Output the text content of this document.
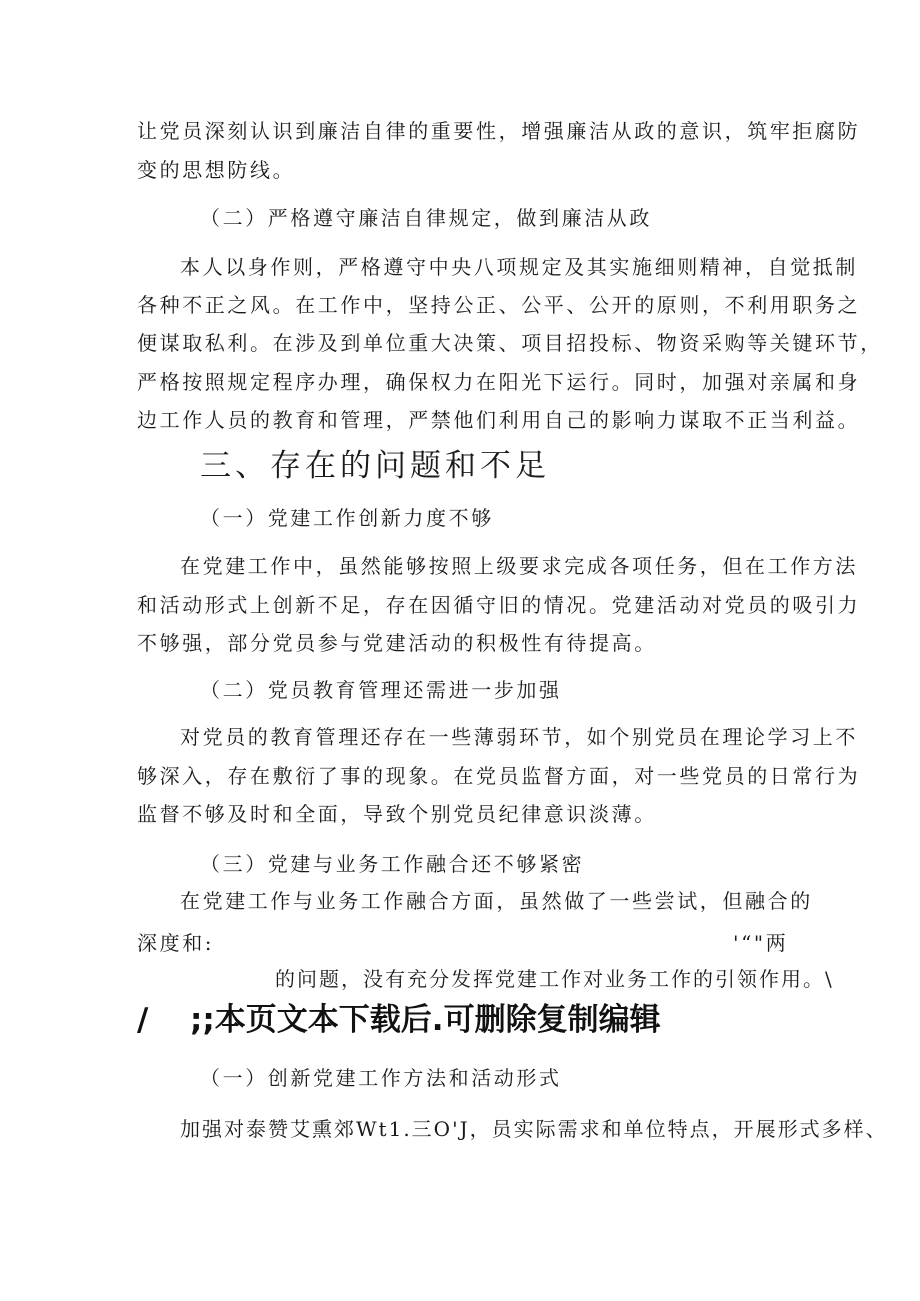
让党员深刻认识到廉洁自律的重要性，增强廉洁从政的意识，筑牢拒腐防
变的思想防线。
（二）严格遵守廉洁自律规定，做到廉洁从政
本人以身作则，严格遵守中央八项规定及其实施细则精神，自觉抵制
各种不正之风。在工作中，坚持公正、公平、公开的原则，不利用职务之
便谋取私利。在涉及到单位重大决策、项目招投标、物资采购等关键环节，
严格按照规定程序办理，确保权力在阳光下运行。同时，加强对亲属和身
边工作人员的教育和管理，严禁他们利用自己的影响力谋取不正当利益。
三、存在的问题和不足
（一）党建工作创新力度不够
在党建工作中，虽然能够按照上级要求完成各项任务，但在工作方法
和活动形式上创新不足，存在因循守旧的情况。党建活动对党员的吸引力
不够强，部分党员参与党建活动的积极性有待提高。
（二）党员教育管理还需进一步加强
对党员的教育管理还存在一些薄弱环节，如个别党员在理论学习上不
够深入，存在敷衍了事的现象。在党员监督方面，对一些党员的日常行为
监督不够及时和全面，导致个别党员纪律意识淡薄。
（三）党建与业务工作融合还不够紧密
在党建工作与业务工作融合方面，虽然做了一些尝试，但融合的
深度和:	'“"两
的问题，没有充分发挥党建工作对业务工作的引领作用。\
/ ;;本页文本下载后.可删除复制编辑
（一）创新党建工作方法和活动形式
加强对泰赞艾熏郊Wt1.三O'J，员实际需求和单位特点，开展形式多样、
